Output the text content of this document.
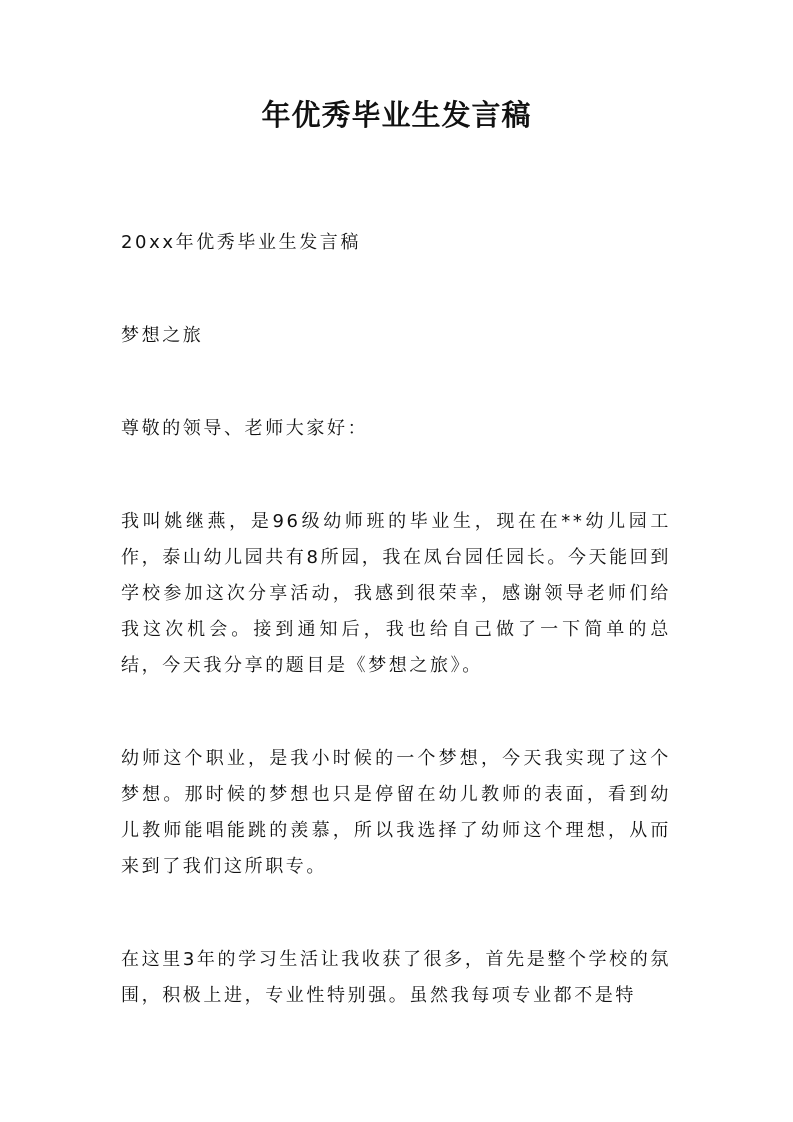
年优秀毕业生发言稿

20xx年优秀毕业生发言稿

梦想之旅

尊敬的领导、老师大家好：

我叫姚继燕，是96级幼师班的毕业生，现在在**幼儿园工作，泰山幼儿园共有8所园，我在凤台园任园长。今天能回到学校参加这次分享活动，我感到很荣幸，感谢领导老师们给我这次机会。接到通知后，我也给自己做了一下简单的总结，今天我分享的题目是《梦想之旅》。

幼师这个职业，是我小时候的一个梦想，今天我实现了这个梦想。那时候的梦想也只是停留在幼儿教师的表面，看到幼儿教师能唱能跳的羡慕，所以我选择了幼师这个理想，从而来到了我们这所职专。

在这里3年的学习生活让我收获了很多，首先是整个学校的氛围，积极上进，专业性特别强。虽然我每项专业都不是特
